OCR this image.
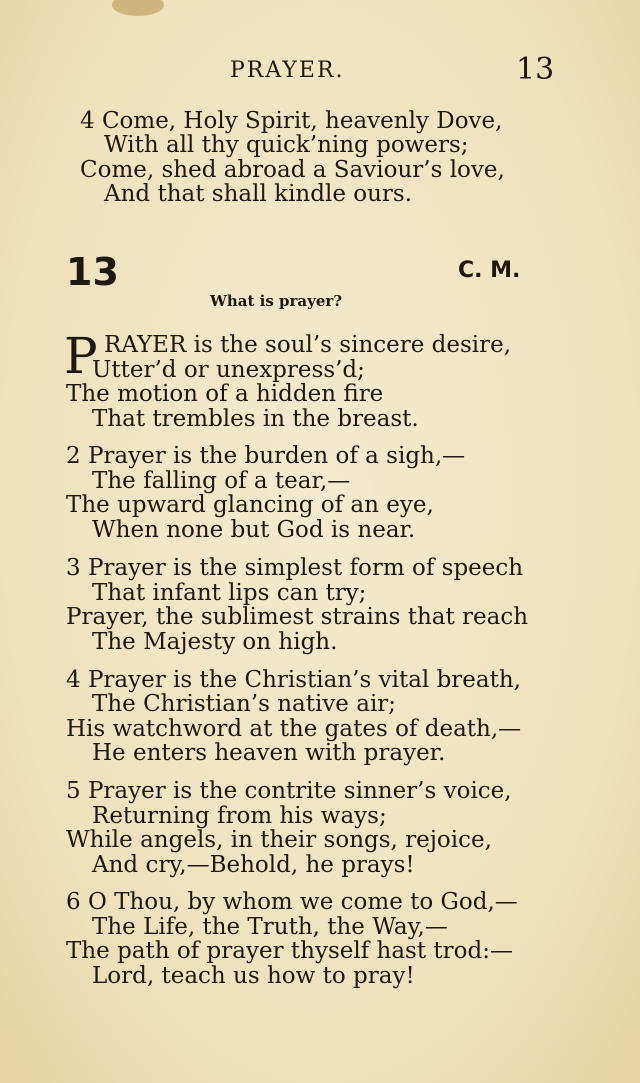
PRAYER.	13
4 Come, Holy Spirit, heavenly Dove,
With all thy quick’ning powers;
Come, shed abroad a Saviour’s love,
And that shall kindle ours.
13	C. M.
What is prayer?
P RAYER is the soul’s sincere desire,
Utter’d or unexpress’d;
The motion of a hidden fire
That trembles in the breast.
2 Prayer is the burden of a sigh,—
The falling of a tear,—
The upward glancing of an eye,
When none but God is near.
3 Prayer is the simplest form of speech
That infant lips can try;
Prayer, the sublimest strains that reach
The Majesty on high.
4 Prayer is the Christian’s vital breath,
The Christian’s native air;
His watchword at the gates of death,—
He enters heaven with prayer.
5 Prayer is the contrite sinner’s voice,
Returning from his ways;
While angels, in their songs, rejoice,
And cry,—Behold, he prays!
6 O Thou, by whom we come to God,—
The Life, the Truth, the Way,—
The path of prayer thyself hast trod:—
Lord, teach us how to pray!
